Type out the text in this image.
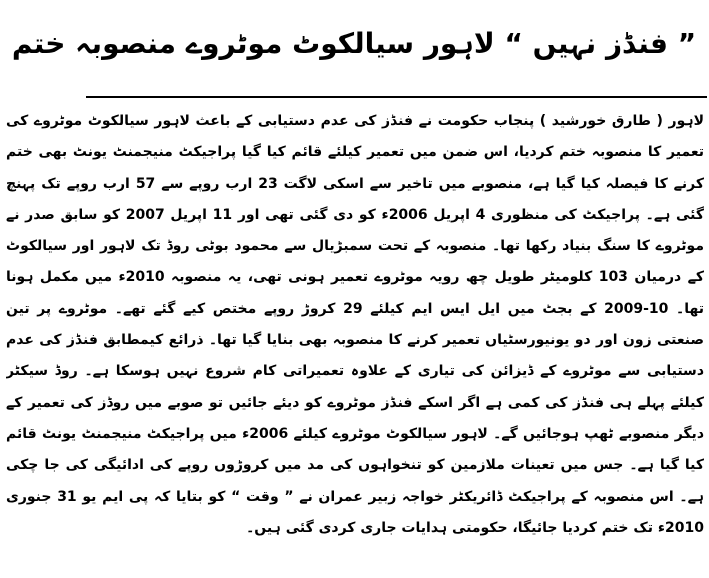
” فنڈز نہیں “ لاہور سیالکوٹ موٹروے منصوبہ ختم

لاہور ( طارق خورشید ) پنجاب حکومت نے فنڈز کی عدم دستیابی کے باعث لاہور سیالکوٹ موٹروے کی تعمیر کا منصوبہ ختم کردیا، اس ضمن میں تعمیر کیلئے قائم کیا گیا پراجیکٹ منیجمنٹ یونٹ بھی ختم کرنے کا فیصلہ کیا گیا ہے، منصوبے میں تاخیر سے اسکی لاگت 23 ارب روپے سے 57 ارب روپے تک پہنچ گئی ہے۔ پراجیکٹ کی منظوری 4 اپریل 2006ء کو دی گئی تھی اور 11 اپریل 2007 کو سابق صدر نے موٹروے کا سنگ بنیاد رکھا تھا۔ منصوبہ کے تحت سمبڑیال سے محمود بوٹی روڈ تک لاہور اور سیالکوٹ کے درمیان 103 کلومیٹر طویل چھ رویہ موٹروے تعمیر ہونی تھی، یہ منصوبہ 2010ء میں مکمل ہونا تھا۔ 10-2009 کے بجٹ میں ایل ایس ایم کیلئے 29 کروڑ روپے مختص کیے گئے تھے۔ موٹروے پر تین صنعتی زون اور دو یونیورسٹیاں تعمیر کرنے کا منصوبہ بھی بنایا گیا تھا۔ ذرائع کیمطابق فنڈز کی عدم دستیابی سے موٹروے کے ڈیزائن کی تیاری کے علاوہ تعمیراتی کام شروع نہیں ہوسکا ہے۔ روڈ سیکٹر کیلئے پہلے ہی فنڈز کی کمی ہے اگر اسکے فنڈز موٹروے کو دیئے جائیں تو صوبے میں روڈز کی تعمیر کے دیگر منصوبے ٹھپ ہوجائیں گے۔ لاہور سیالکوٹ موٹروے کیلئے 2006ء میں پراجیکٹ منیجمنٹ یونٹ قائم کیا گیا ہے۔ جس میں تعینات ملازمین کو تنخواہوں کی مد میں کروڑوں روپے کی ادائیگی کی جا چکی ہے۔ اس منصوبہ کے پراجیکٹ ڈائریکٹر خواجہ زبیر عمران نے ” وقت “ کو بتایا کہ پی ایم یو 31 جنوری 2010ء تک ختم کردیا جائیگا، حکومتی ہدایات جاری کردی گئی ہیں۔
